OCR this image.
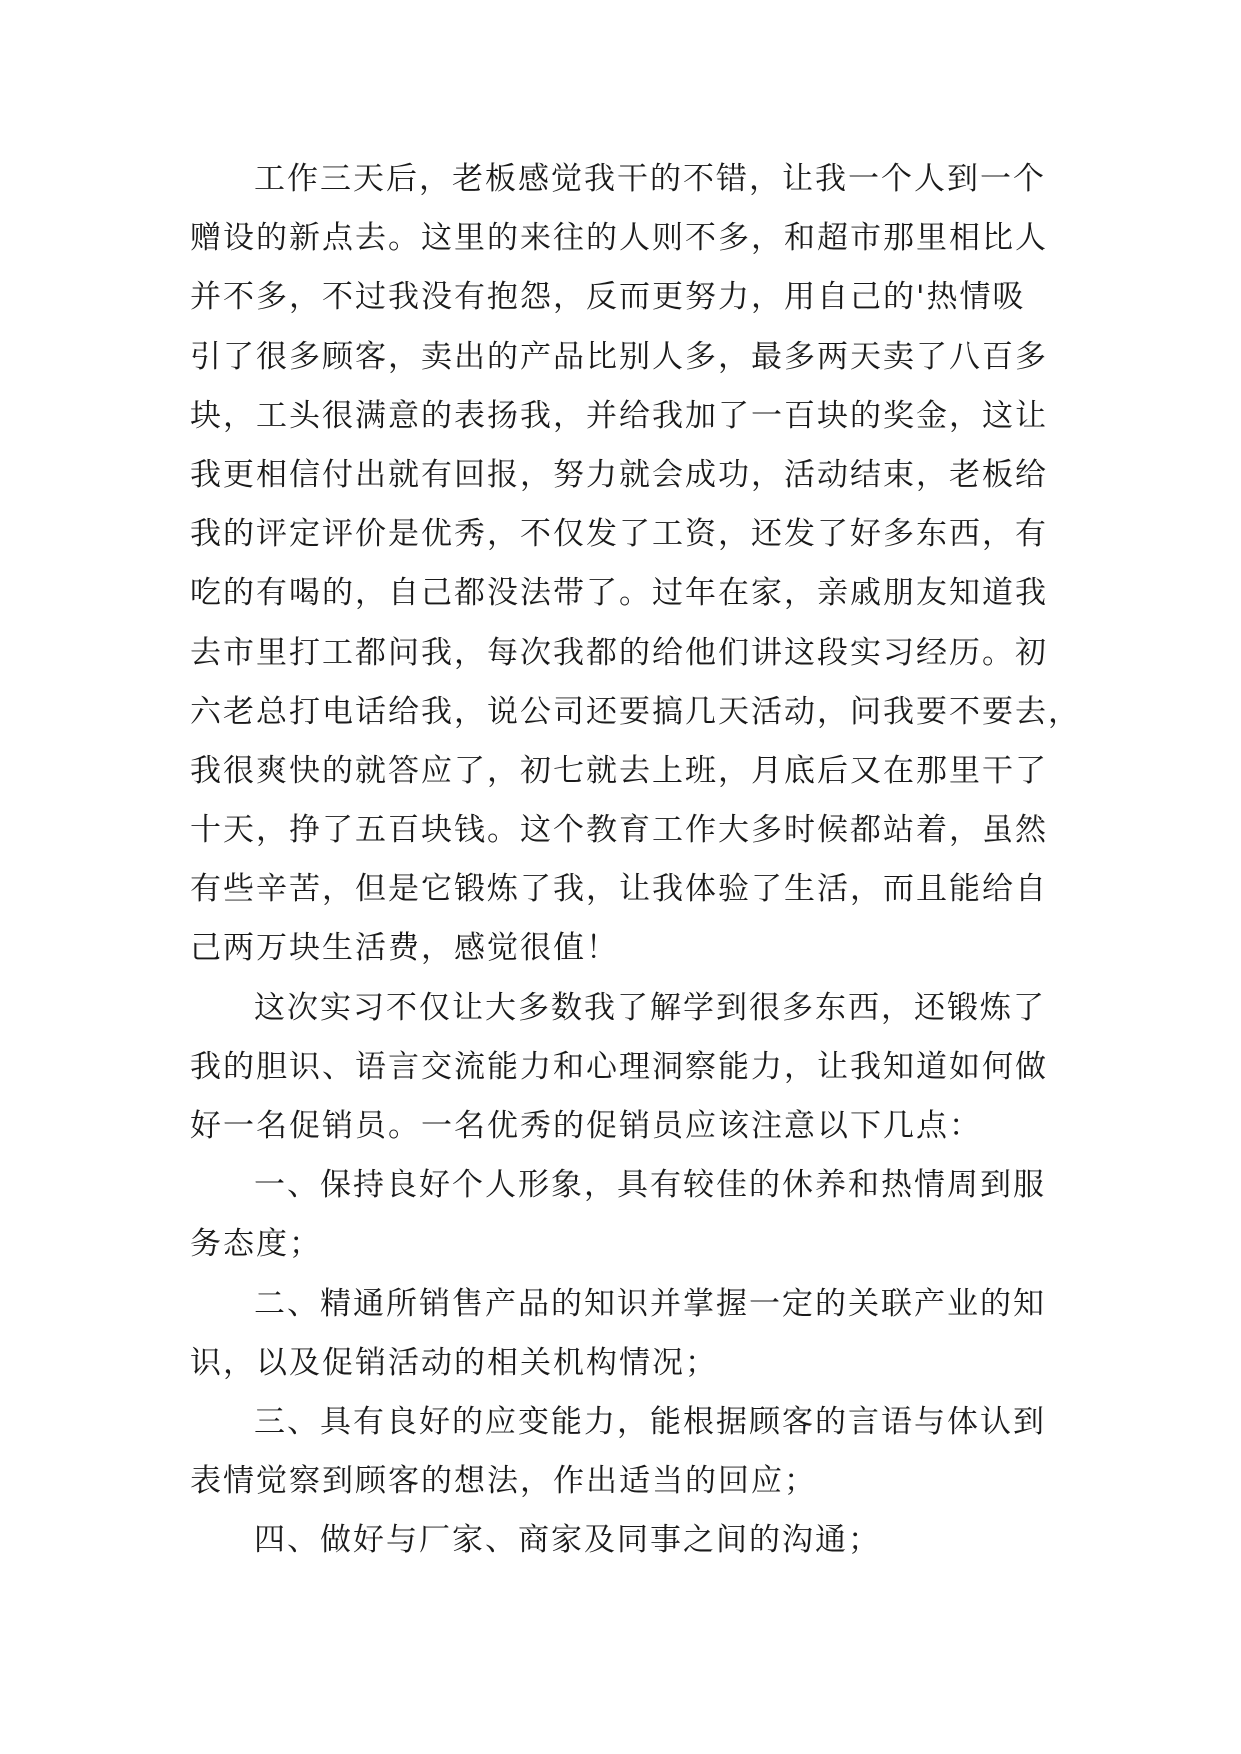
工作三天后，老板感觉我干的不错，让我一个人到一个
赠设的新点去。这里的来往的人则不多，和超市那里相比人
并不多，不过我没有抱怨，反而更努力，用自己的'热情吸
引了很多顾客，卖出的产品比别人多，最多两天卖了八百多
块，工头很满意的表扬我，并给我加了一百块的奖金，这让
我更相信付出就有回报，努力就会成功，活动结束，老板给
我的评定评价是优秀，不仅发了工资，还发了好多东西，有
吃的有喝的，自己都没法带了。过年在家，亲戚朋友知道我
去市里打工都问我，每次我都的给他们讲这段实习经历。初
六老总打电话给我，说公司还要搞几天活动，问我要不要去，
我很爽快的就答应了，初七就去上班，月底后又在那里干了
十天，挣了五百块钱。这个教育工作大多时候都站着，虽然
有些辛苦，但是它锻炼了我，让我体验了生活，而且能给自
己两万块生活费，感觉很值！
这次实习不仅让大多数我了解学到很多东西，还锻炼了
我的胆识、语言交流能力和心理洞察能力，让我知道如何做
好一名促销员。一名优秀的促销员应该注意以下几点：
一、保持良好个人形象，具有较佳的休养和热情周到服
务态度；
二、精通所销售产品的知识并掌握一定的关联产业的知
识，以及促销活动的相关机构情况；
三、具有良好的应变能力，能根据顾客的言语与体认到
表情觉察到顾客的想法，作出适当的回应；
四、做好与厂家、商家及同事之间的沟通；
